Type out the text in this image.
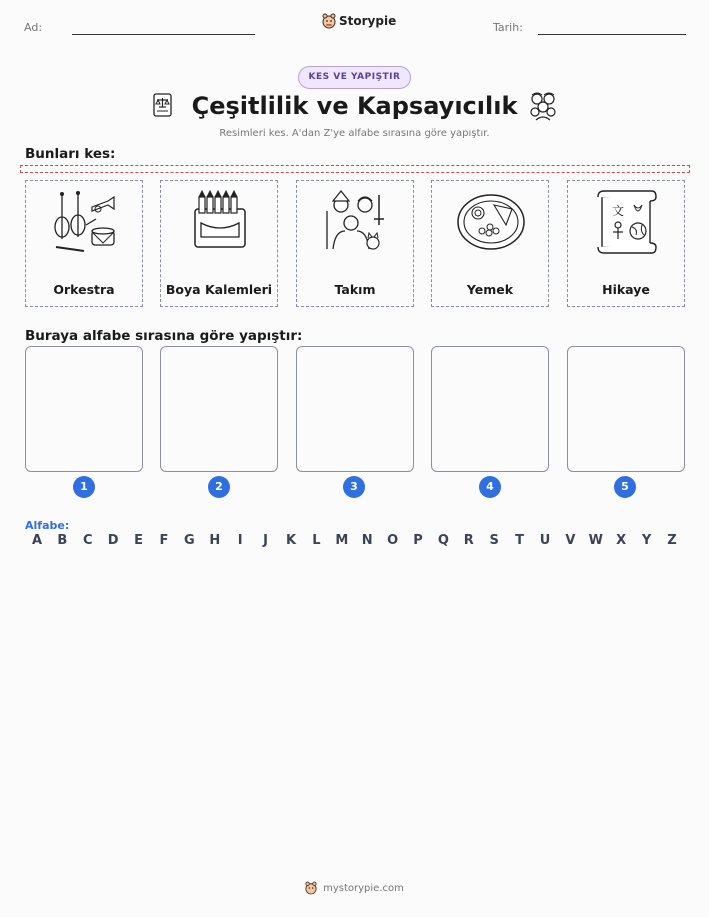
Ad:	Storypie	Tarih:
KES VE YAPIŞTIR
Çeşitlilik ve Kapsayıcılık
Resimleri kes. A'dan Z'ye alfabe sırasına göre yapıştır.
Bunları kes:
Orkestra	Boya Kalemleri	Takım	Yemek
文
Hikaye
Buraya alfabe sırasına göre yapıştır:
1	2	3	4	5
Alfabe:
A B C D E F G H I J K L M N O P Q R S T U V W X Y Z
mystorypie.com
